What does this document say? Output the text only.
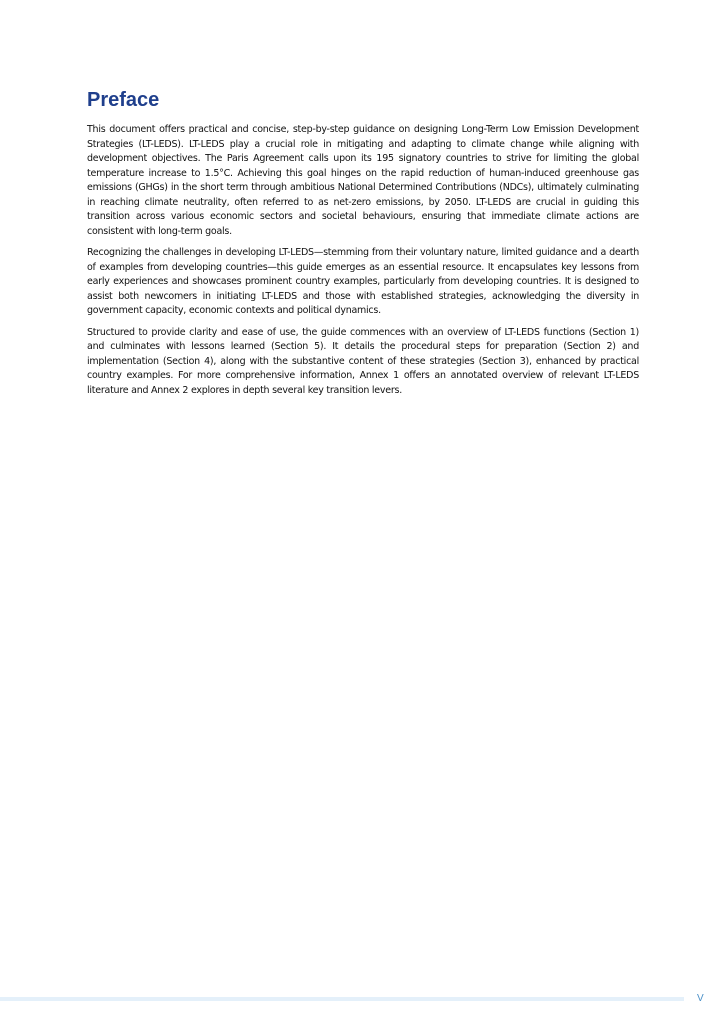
Preface

This document offers practical and concise, step-by-step guidance on designing Long-Term Low Emission Development Strategies (LT-LEDS). LT-LEDS play a crucial role in mitigating and adapting to climate change while aligning with development objectives. The Paris Agreement calls upon its 195 signatory countries to strive for limiting the global temperature increase to 1.5°C. Achieving this goal hinges on the rapid reduction of human-induced greenhouse gas emissions (GHGs) in the short term through ambitious National Determined Contributions (NDCs), ultimately culminating in reaching climate neutrality, often referred to as net-zero emissions, by 2050. LT-LEDS are crucial in guiding this transition across various economic sectors and societal behaviours, ensuring that immediate climate actions are consistent with long-term goals.

Recognizing the challenges in developing LT-LEDS—stemming from their voluntary nature, limited guidance and a dearth of examples from developing countries—this guide emerges as an essential resource. It encapsulates key lessons from early experiences and showcases prominent country examples, particularly from developing countries. It is designed to assist both newcomers in initiating LT-LEDS and those with established strategies, acknowledging the diversity in government capacity, economic contexts and political dynamics.

Structured to provide clarity and ease of use, the guide commences with an overview of LT-LEDS functions (Section 1) and culminates with lessons learned (Section 5). It details the procedural steps for preparation (Section 2) and implementation (Section 4), along with the substantive content of these strategies (Section 3), enhanced by practical country examples. For more comprehensive information, Annex 1 offers an annotated overview of relevant LT-LEDS literature and Annex 2 explores in depth several key transition levers.

V
